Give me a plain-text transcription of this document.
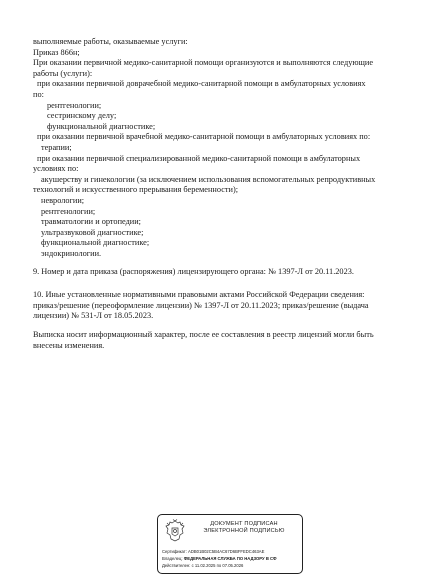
выполняемые работы, оказываемые услуги:
Приказ 866н;
При оказании первичной медико-санитарной помощи организуются и выполняются следующие
работы (услуги):
при оказании первичной доврачебной медико-санитарной помощи в амбулаторных условиях
по:
рентгенологии;
сестринскому делу;
функциональной диагностике;
при оказании первичной врачебной медико-санитарной помощи в амбулаторных условиях по:
терапии;
при оказании первичной специализированной медико-санитарной помощи в амбулаторных
условиях по:
акушерству и гинекологии (за исключением использования вспомогательных репродуктивных
технологий и искусственного прерывания беременности);
неврологии;
рентгенологии;
травматологии и ортопедии;
ультразвуковой диагностике;
функциональной диагностике;
эндокринологии.
9. Номер и дата приказа (распоряжения) лицензирующего органа: № 1397-Л от 20.11.2023.
10. Иные установленные нормативными правовыми актами Российской Федерации сведения:
приказ/решение (переоформление лицензии) № 1397-Л от 20.11.2023; приказ/решение (выдача
лицензии) № 531-Л от 18.05.2023.
Выписка носит информационный характер, после ее составления в реестр лицензий могли быть
внесены изменения.
ДОКУМЕНТ ПОДПИСАН
ЭЛЕКТРОННОЙ ПОДПИСЬЮ
Сертификат: ADB01B02C5B4AC67D6BFFEDC463AE
Владелец: ФЕДЕРАЛЬНАЯ СЛУЖБА ПО НАДЗОРУ В СФ
Действителен: с 11.02.2025 по 07.05.2026
